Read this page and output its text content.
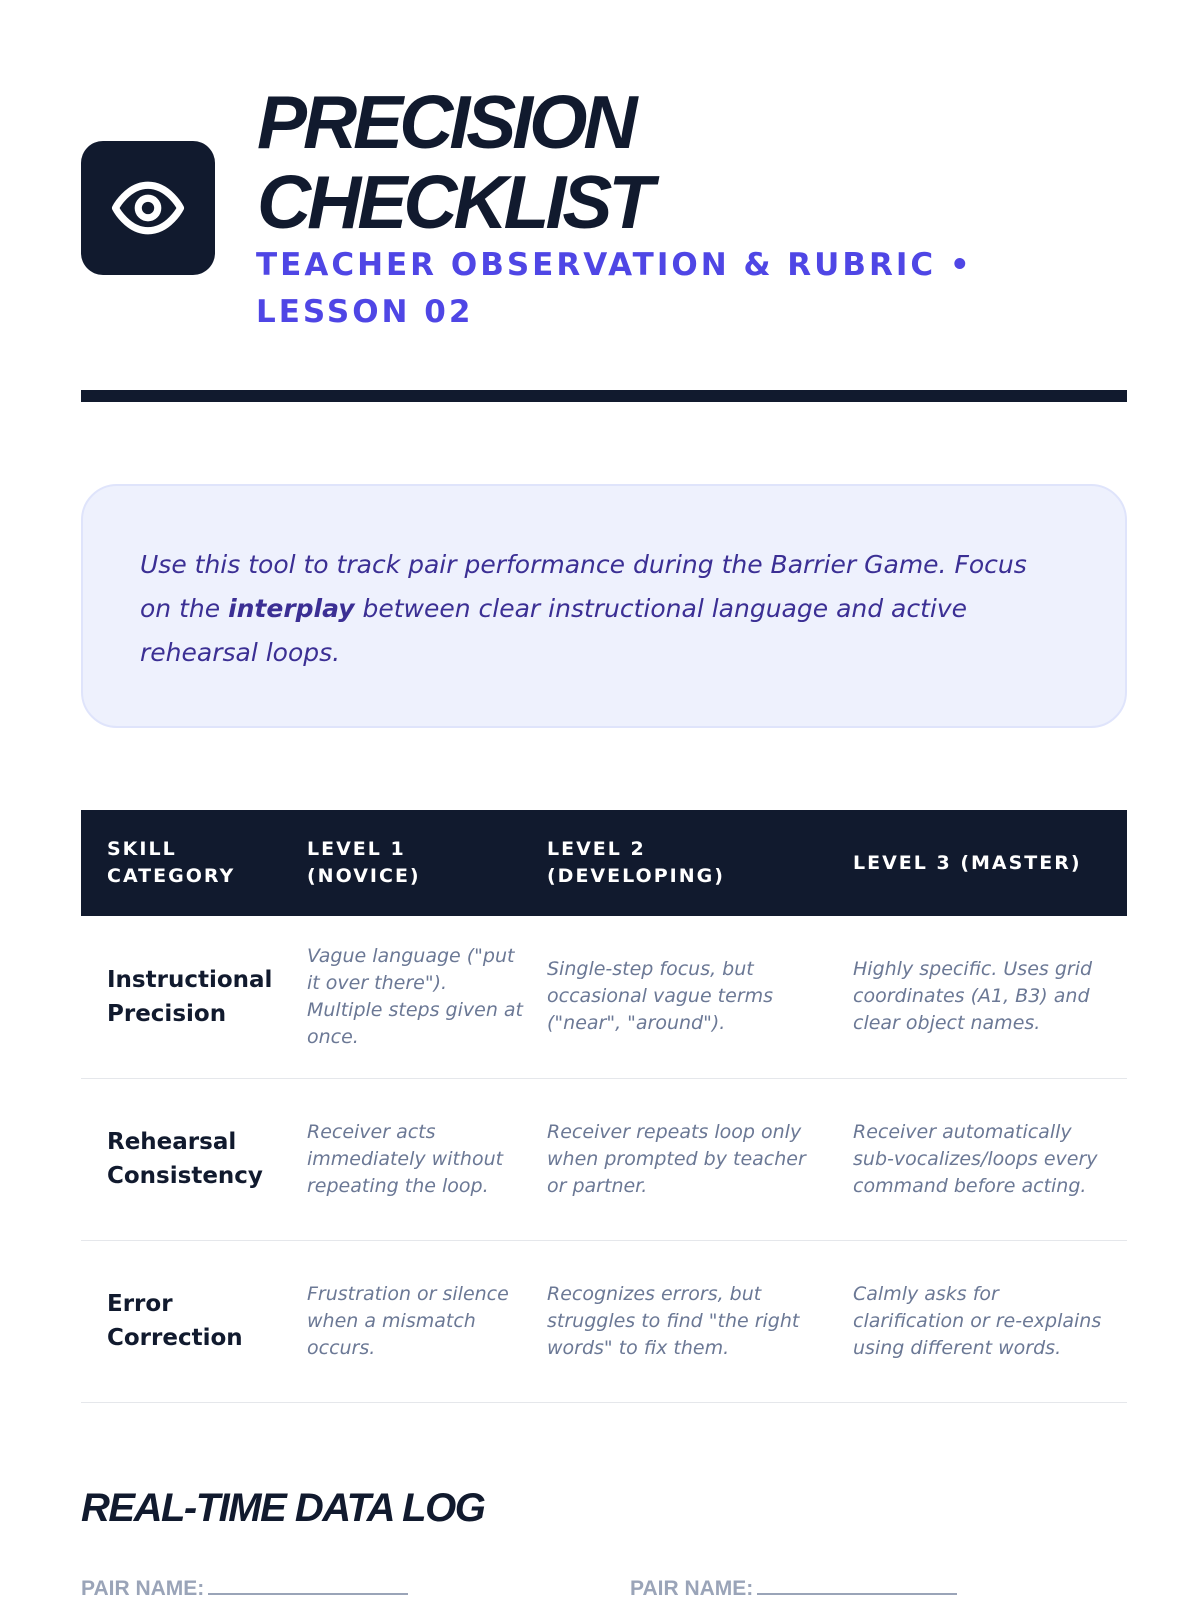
PRECISION
CHECKLIST

TEACHER OBSERVATION & RUBRIC • LESSON 02

Use this tool to track pair performance during the Barrier Game. Focus on the interplay between clear instructional language and active rehearsal loops.

SKILL CATEGORY	LEVEL 1 (NOVICE)	LEVEL 2 (DEVELOPING)	LEVEL 3 (MASTER)
Instructional Precision	Vague language ("put it over there"). Multiple steps given at once.	Single-step focus, but occasional vague terms ("near", "around").	Highly specific. Uses grid coordinates (A1, B3) and clear object names.
Rehearsal Consistency	Receiver acts immediately without repeating the loop.	Receiver repeats loop only when prompted by teacher or partner.	Receiver automatically sub-vocalizes/loops every command before acting.
Error Correction	Frustration or silence when a mismatch occurs.	Recognizes errors, but struggles to find "the right words" to fix them.	Calmly asks for clarification or re-explains using different words.
REAL-TIME DATA LOG
PAIR NAME:	PAIR NAME:
